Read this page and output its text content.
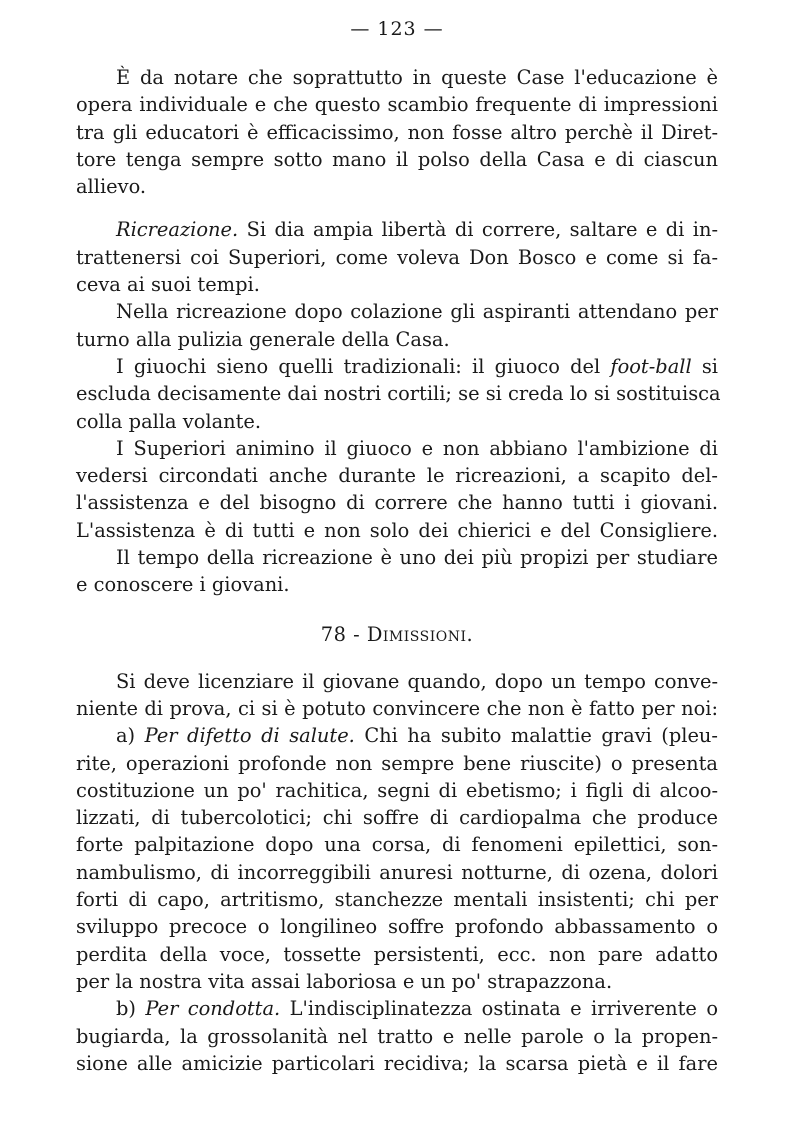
— 123 —
È da notare che soprattutto in queste Case l'educazione è
opera individuale e che questo scambio frequente di impressioni
tra gli educatori è efficacissimo, non fosse altro perchè il Diret-
tore tenga sempre sotto mano il polso della Casa e di ciascun
allievo.
Ricreazione. Si dia ampia libertà di correre, saltare e di in-
trattenersi coi Superiori, come voleva Don Bosco e come si fa-
ceva ai suoi tempi.
Nella ricreazione dopo colazione gli aspiranti attendano per
turno alla pulizia generale della Casa.
I giuochi sieno quelli tradizionali: il giuoco del foot-ball si
escluda decisamente dai nostri cortili; se si creda lo si sostituisca
colla palla volante.
I Superiori animino il giuoco e non abbiano l'ambizione di
vedersi circondati anche durante le ricreazioni, a scapito del-
l'assistenza e del bisogno di correre che hanno tutti i giovani.
L'assistenza è di tutti e non solo dei chierici e del Consigliere.
Il tempo della ricreazione è uno dei più propizi per studiare
e conoscere i giovani.
78 - Dimissioni.
Si deve licenziare il giovane quando, dopo un tempo conve-
niente di prova, ci si è potuto convincere che non è fatto per noi:
a) Per difetto di salute. Chi ha subito malattie gravi (pleu-
rite, operazioni profonde non sempre bene riuscite) o presenta
costituzione un po' rachitica, segni di ebetismo; i figli di alcoo-
lizzati, di tubercolotici; chi soffre di cardiopalma che produce
forte palpitazione dopo una corsa, di fenomeni epilettici, son-
nambulismo, di incorreggibili anuresi notturne, di ozena, dolori
forti di capo, artritismo, stanchezze mentali insistenti; chi per
sviluppo precoce o longilineo soffre profondo abbassamento o
perdita della voce, tossette persistenti, ecc. non pare adatto
per la nostra vita assai laboriosa e un po' strapazzona.
b) Per condotta. L'indisciplinatezza ostinata e irriverente o
bugiarda, la grossolanità nel tratto e nelle parole o la propen-
sione alle amicizie particolari recidiva; la scarsa pietà e il fare
